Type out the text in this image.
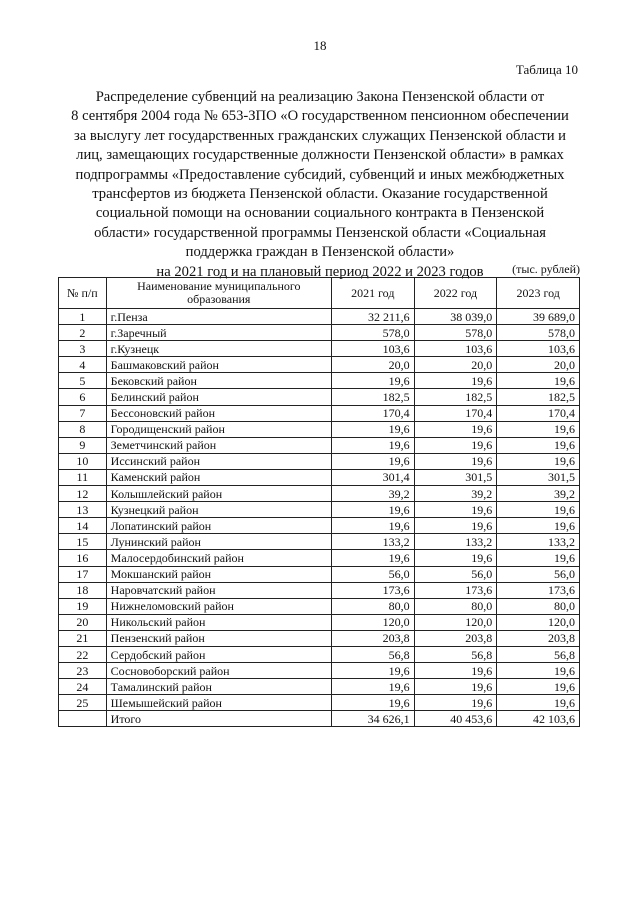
18
Таблица 10
Распределение субвенций на реализацию Закона Пензенской области от
8 сентября 2004 года № 653-ЗПО «О государственном пенсионном обеспечении
за выслугу лет государственных гражданских служащих Пензенской области и
лиц, замещающих государственные должности Пензенской области» в рамках
подпрограммы «Предоставление субсидий, субвенций и иных межбюджетных
трансфертов из бюджета Пензенской области. Оказание государственной
социальной помощи на основании социального контракта в Пензенской
области» государственной программы Пензенской области «Социальная
поддержка граждан в Пензенской области»
на 2021 год и на плановый период 2022 и 2023 годов	(тыс. рублей)
№ п/п	Наименование муниципального образования	2021 год	2022 год	2023 год
1	г.Пенза	32 211,6	38 039,0	39 689,0
2	г.Заречный	578,0	578,0	578,0
3	г.Кузнецк	103,6	103,6	103,6
4	Башмаковский район	20,0	20,0	20,0
5	Бековский район	19,6	19,6	19,6
6	Белинский район	182,5	182,5	182,5
7	Бессоновский район	170,4	170,4	170,4
8	Городищенский район	19,6	19,6	19,6
9	Земетчинский район	19,6	19,6	19,6
10	Иссинский район	19,6	19,6	19,6
11	Каменский район	301,4	301,5	301,5
12	Колышлейский район	39,2	39,2	39,2
13	Кузнецкий район	19,6	19,6	19,6
14	Лопатинский район	19,6	19,6	19,6
15	Лунинский район	133,2	133,2	133,2
16	Малосердобинский район	19,6	19,6	19,6
17	Мокшанский район	56,0	56,0	56,0
18	Наровчатский район	173,6	173,6	173,6
19	Нижнеломовский район	80,0	80,0	80,0
20	Никольский район	120,0	120,0	120,0
21	Пензенский район	203,8	203,8	203,8
22	Сердобский район	56,8	56,8	56,8
23	Сосновоборский район	19,6	19,6	19,6
24	Тамалинский район	19,6	19,6	19,6
25	Шемышейский район	19,6	19,6	19,6
	Итого	34 626,1	40 453,6	42 103,6
